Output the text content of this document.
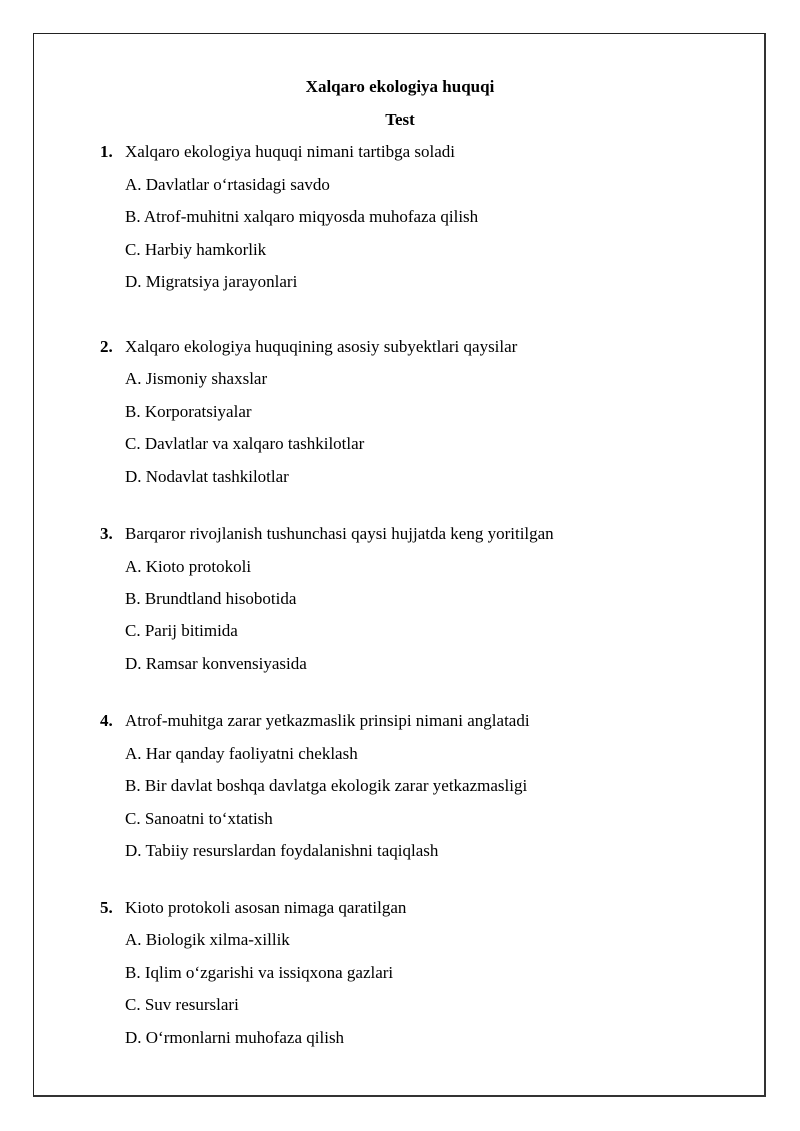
Xalqaro ekologiya huquqi
Test
1. Xalqaro ekologiya huquqi nimani tartibga soladi
A. Davlatlar o‘rtasidagi savdo
B. Atrof-muhitni xalqaro miqyosda muhofaza qilish
C. Harbiy hamkorlik
D. Migratsiya jarayonlari
2. Xalqaro ekologiya huquqining asosiy subyektlari qaysilar
A. Jismoniy shaxslar
B. Korporatsiyalar
C. Davlatlar va xalqaro tashkilotlar
D. Nodavlat tashkilotlar
3. Barqaror rivojlanish tushunchasi qaysi hujjatda keng yoritilgan
A. Kioto protokoli
B. Brundtland hisobotida
C. Parij bitimida
D. Ramsar konvensiyasida
4. Atrof-muhitga zarar yetkazmaslik prinsipi nimani anglatadi
A. Har qanday faoliyatni cheklash
B. Bir davlat boshqa davlatga ekologik zarar yetkazmasligi
C. Sanoatni to‘xtatish
D. Tabiiy resurslardan foydalanishni taqiqlash
5. Kioto protokoli asosan nimaga qaratilgan
A. Biologik xilma-xillik
B. Iqlim o‘zgarishi va issiqxona gazlari
C. Suv resurslari
D. O‘rmonlarni muhofaza qilish
